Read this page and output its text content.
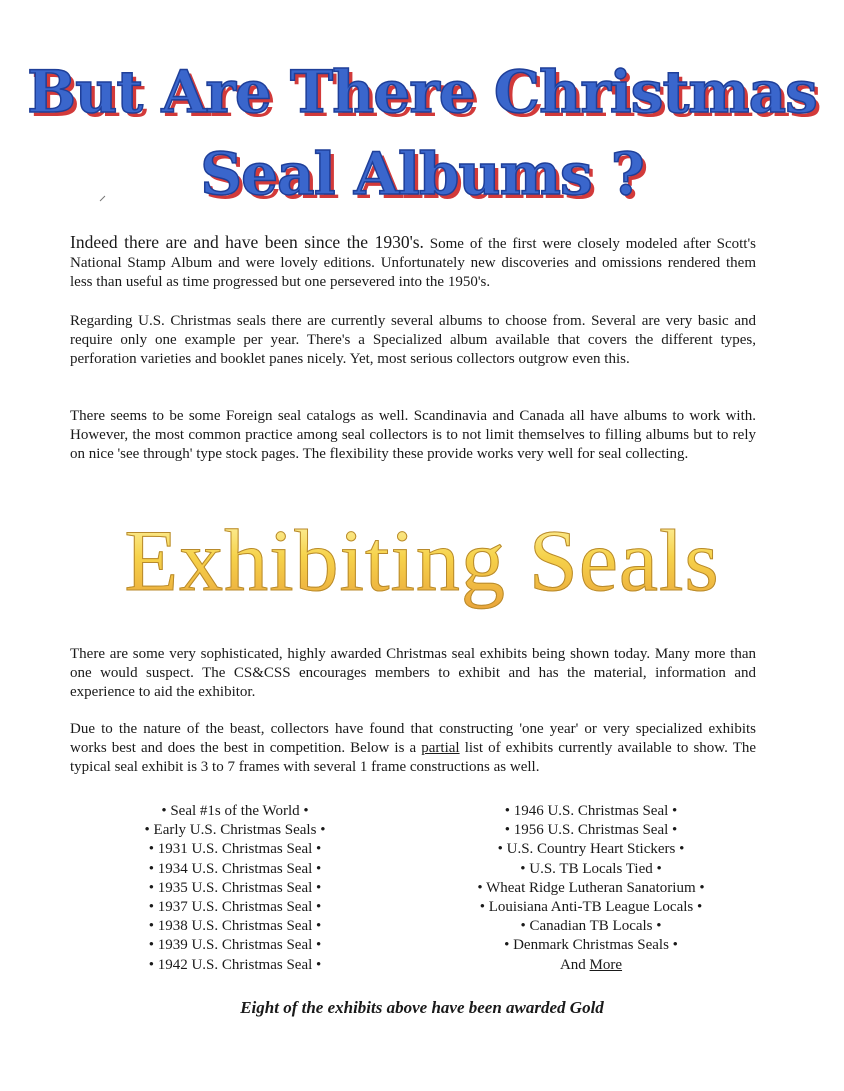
But Are There Christmas
Seal Albums ?
Indeed there are and have been since the 1930's. Some of the first were closely modeled after Scott's National Stamp Album and were lovely editions. Unfortunately new discoveries and omissions rendered them less than useful as time progressed but one persevered into the 1950's.
Regarding U.S. Christmas seals there are currently several albums to choose from. Several are very basic and require only one example per year. There's a Specialized album available that covers the different types, perforation varieties and booklet panes nicely. Yet, most serious collectors outgrow even this.
There seems to be some Foreign seal catalogs as well. Scandinavia and Canada all have albums to work with. However, the most common practice among seal collectors is to not limit themselves to filling albums but to rely on nice 'see through' type stock pages. The flexibility these provide works very well for seal collecting.
Exhibiting Seals
There are some very sophisticated, highly awarded Christmas seal exhibits being shown today. Many more than one would suspect. The CS&CSS encourages members to exhibit and has the material, information and experience to aid the exhibitor.
Due to the nature of the beast, collectors have found that constructing 'one year' or very specialized exhibits works best and does the best in competition. Below is a partial list of exhibits currently available to show. The typical seal exhibit is 3 to 7 frames with several 1 frame constructions as well.
• Seal #1s of the World •
• Early U.S. Christmas Seals •
• 1931 U.S. Christmas Seal •
• 1934 U.S. Christmas Seal •
• 1935 U.S. Christmas Seal •
• 1937 U.S. Christmas Seal •
• 1938 U.S. Christmas Seal •
• 1939 U.S. Christmas Seal •
• 1942 U.S. Christmas Seal •
• 1946 U.S. Christmas Seal •
• 1956 U.S. Christmas Seal •
• U.S. Country Heart Stickers •
• U.S. TB Locals Tied •
• Wheat Ridge Lutheran Sanatorium •
• Louisiana Anti-TB League Locals •
• Canadian TB Locals •
• Denmark Christmas Seals •
And More
Eight of the exhibits above have been awarded Gold
